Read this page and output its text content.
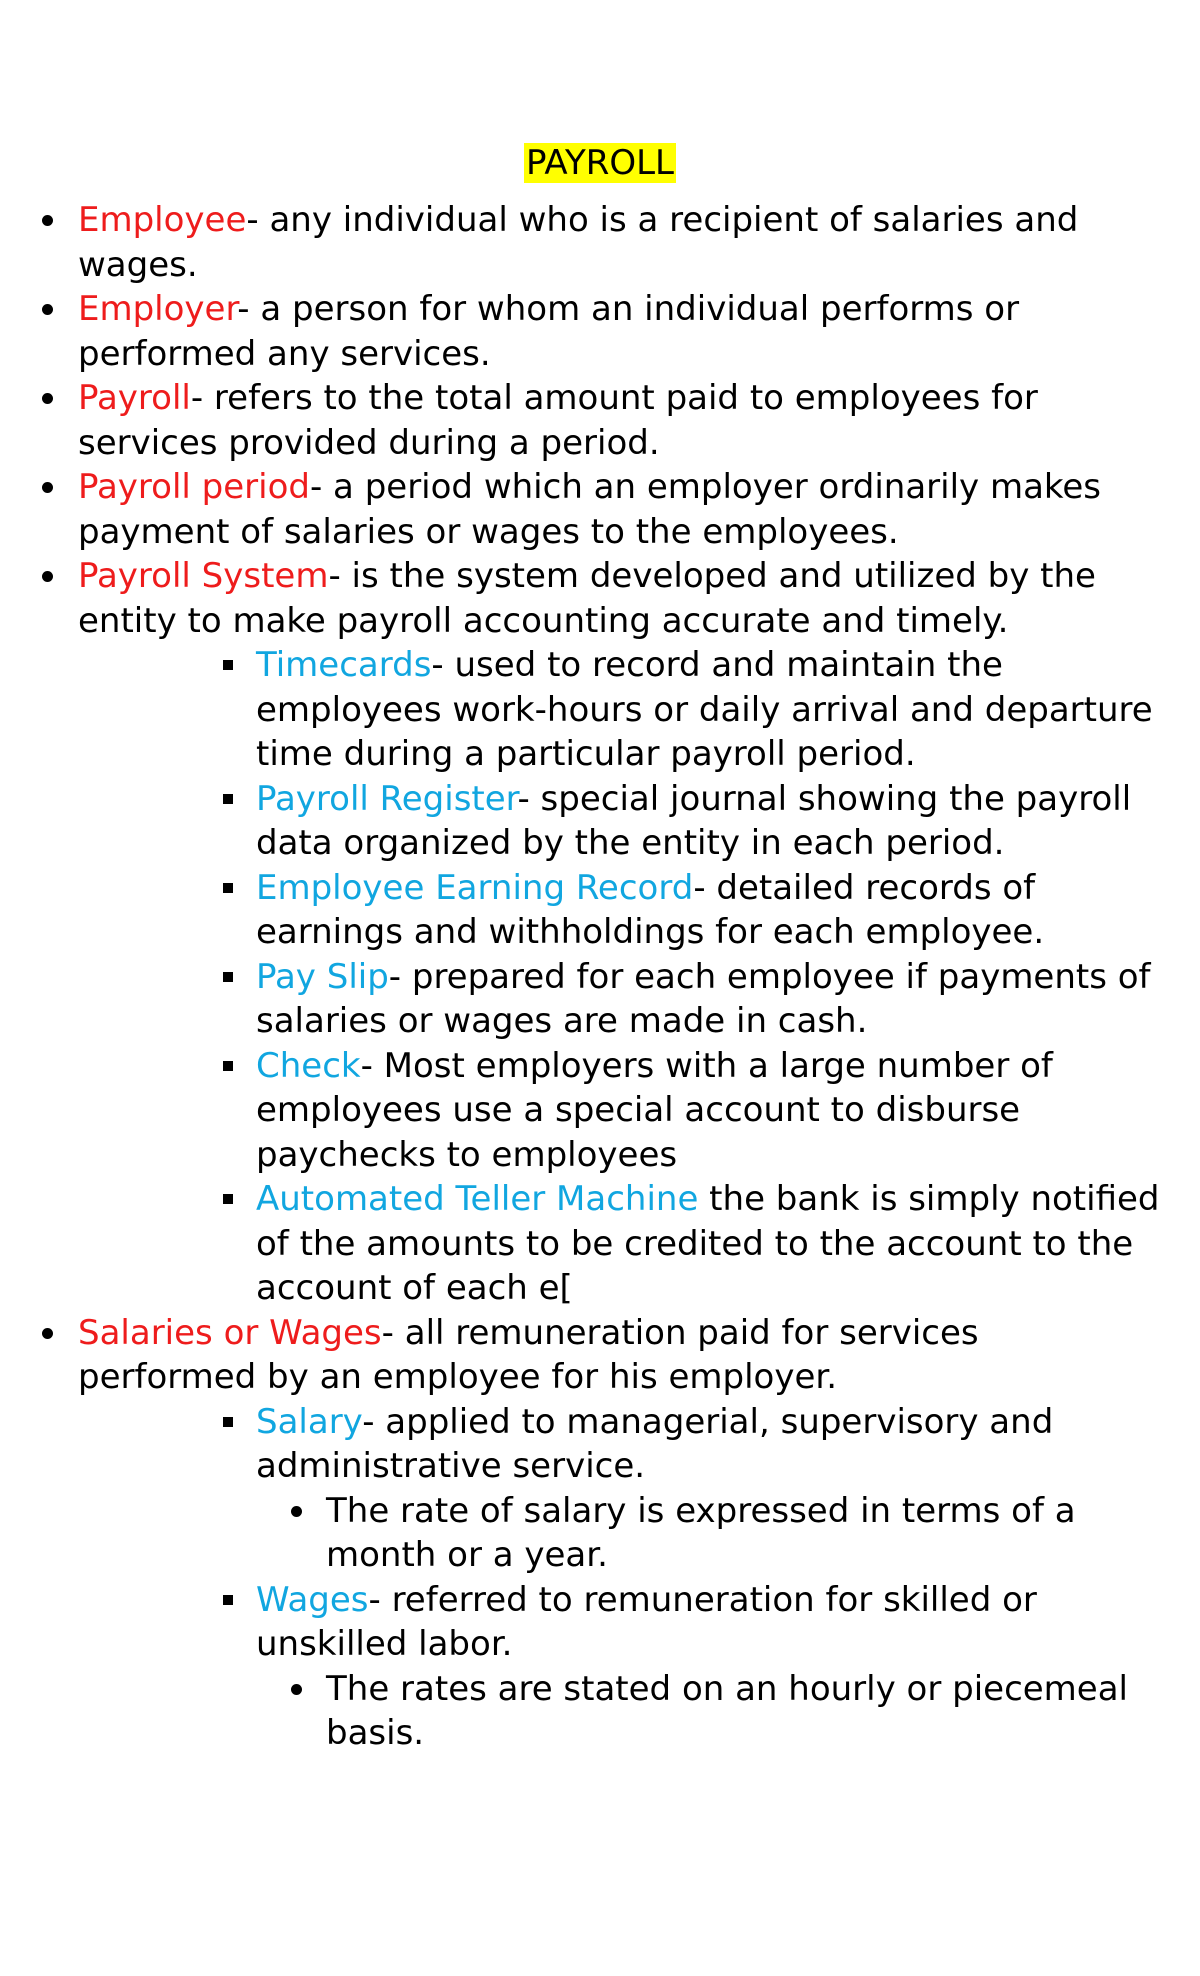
PAYROLL
Employee- any individual who is a recipient of salaries and wages.
Employer- a person for whom an individual performs or performed any services.
Payroll- refers to the total amount paid to employees for services provided during a period.
Payroll period- a period which an employer ordinarily makes payment of salaries or wages to the employees.
Payroll System- is the system developed and utilized by the entity to make payroll accounting accurate and timely.
Timecards- used to record and maintain the employees work-hours or daily arrival and departure time during a particular payroll period.
Payroll Register- special journal showing the payroll data organized by the entity in each period.
Employee Earning Record- detailed records of earnings and withholdings for each employee.
Pay Slip- prepared for each employee if payments of salaries or wages are made in cash.
Check- Most employers with a large number of employees use a special account to disburse paychecks to employees
Automated Teller Machine the bank is simply notified of the amounts to be credited to the account to the account of each e[
Salaries or Wages- all remuneration paid for services performed by an employee for his employer.
Salary- applied to managerial, supervisory and administrative service.
The rate of salary is expressed in terms of a month or a year.
Wages- referred to remuneration for skilled or unskilled labor.
The rates are stated on an hourly or piecemeal basis.
